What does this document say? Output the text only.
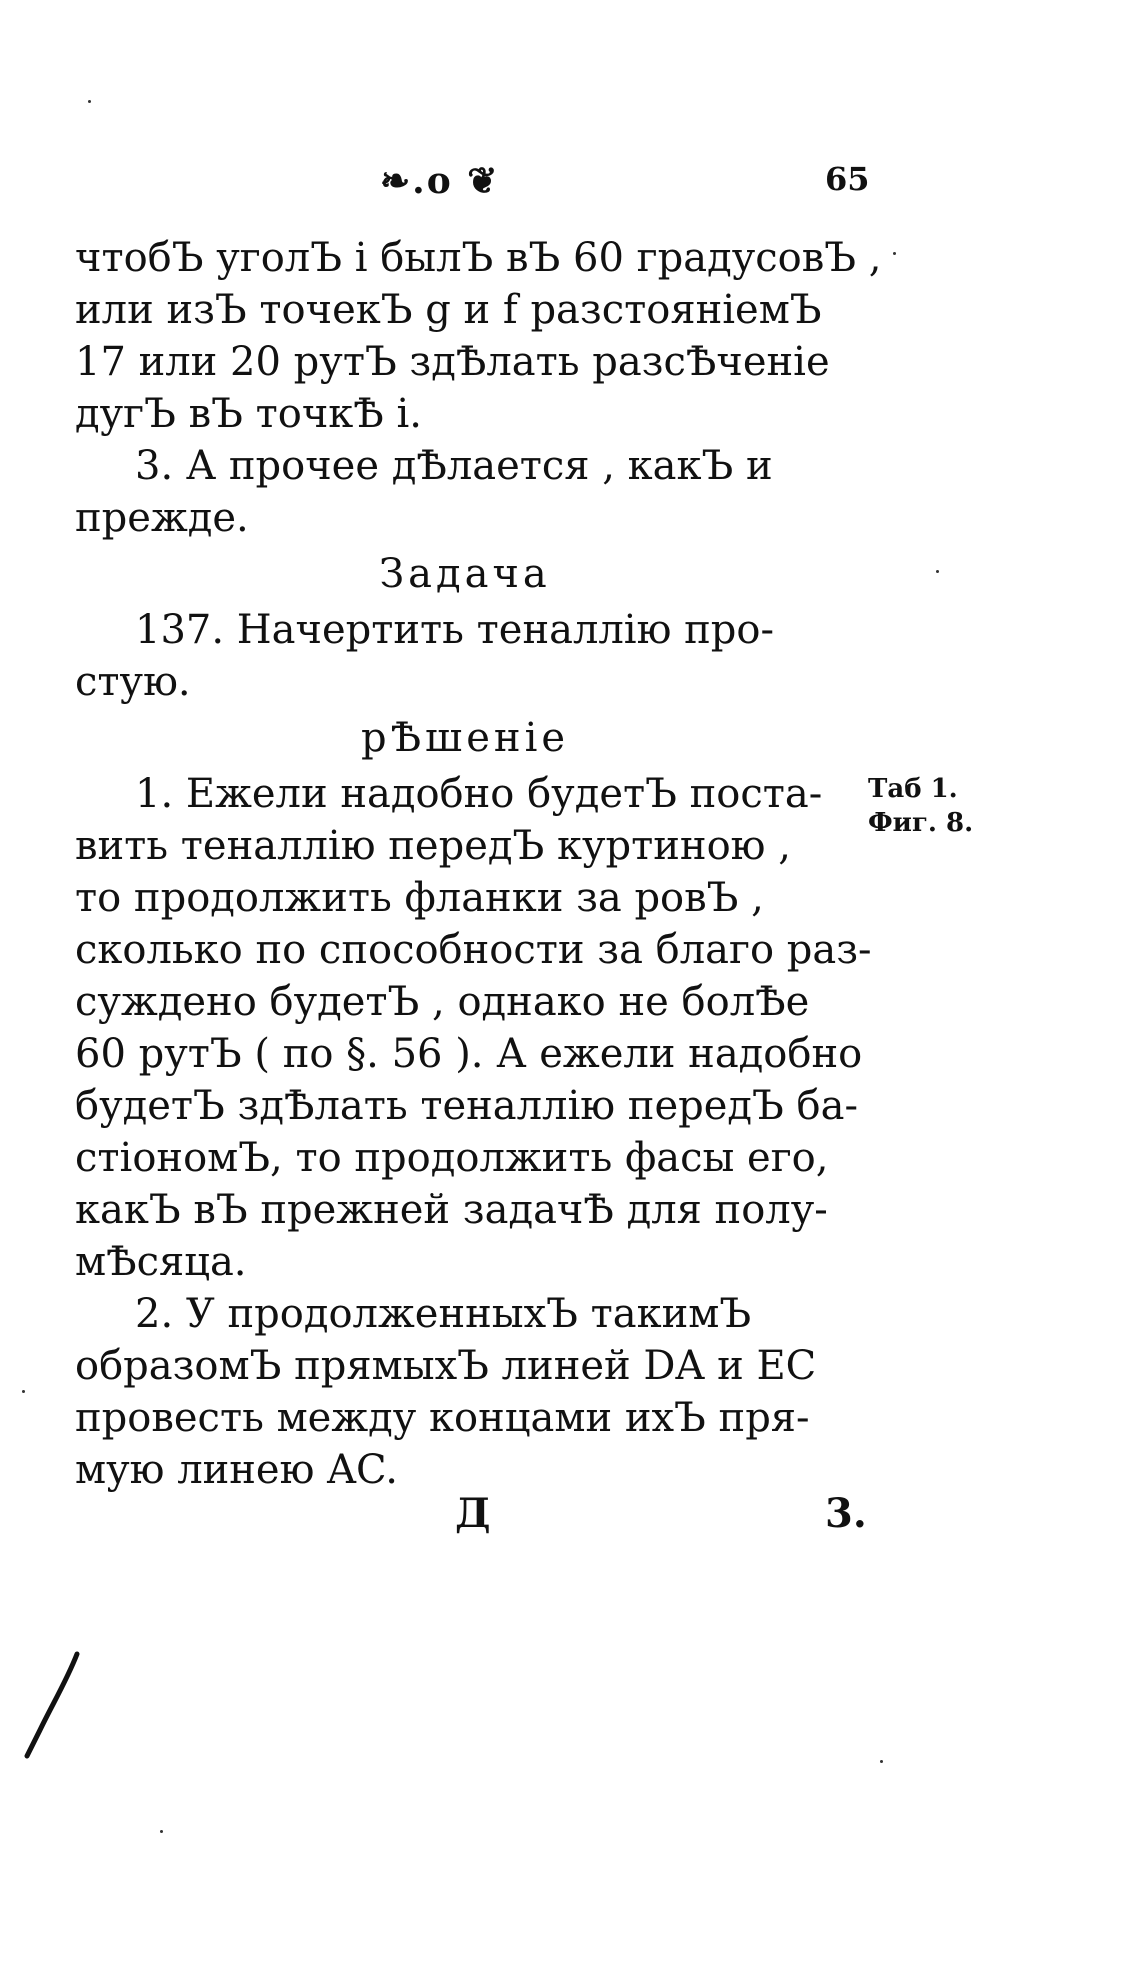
❧.o ❦	65
чтобЪ уголЪ і былЪ вЪ 60 градусовЪ ,
или изЪ точекЪ g и f разстояніемЪ
17 или 20 рутЪ здѢлать разсѢченіе
дугЪ вЪ точкѢ і.
3. А прочее дѢлается , какЪ и
прежде.
Задача
137. Начертить теналлію про-
стую.
рѢшеніе
1. Ежели надобно будетЪ поста-
вить теналлію передЪ куртиною ,
то продолжить фланки за ровЪ ,
сколько по способности за благо раз-
суждено будетЪ , однако не болѢе
60 рутЪ ( по §. 56 ). А ежели надобно
будетЪ здѢлать теналлію передЪ ба-
стіономЪ, то продолжить фасы его,
какЪ вЪ прежней задачѢ для полу-
мѢсяца.
2. У продолженныхЪ такимЪ
образомЪ прямыхЪ линей DA и EC
провесть между концами ихЪ пря-
мую линею AC.
Таб 1.
Фиг. 8.
Д	3.
